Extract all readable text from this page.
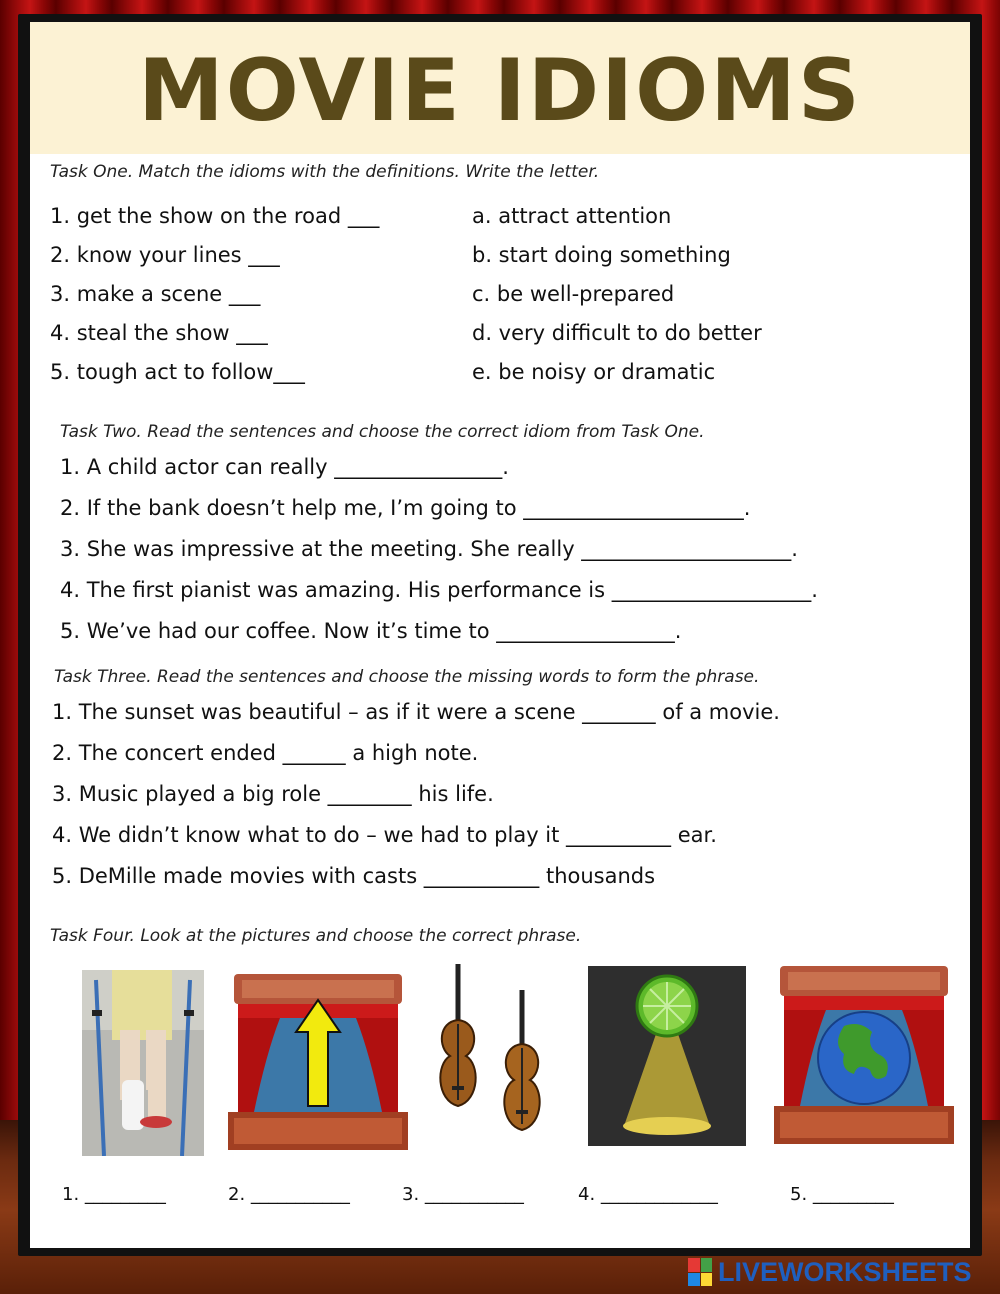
MOVIE IDIOMS
Task One. Match the idioms with the definitions. Write the letter.
1. get the show on the road ___
2. know your lines ___
3. make a scene ___
4. steal the show ___
5. tough act to follow___
a. attract attention
b. start doing something
c. be well-prepared
d. very difficult to do better
e. be noisy or dramatic
Task Two. Read the sentences and choose the correct idiom from Task One.
1. A child actor can really ________________.
2. If the bank doesn’t help me, I’m going to _____________________.
3. She was impressive at the meeting. She really ____________________.
4. The first pianist was amazing. His performance is ___________________.
5. We’ve had our coffee. Now it’s time to _________________.
Task Three. Read the sentences and choose the missing words to form the phrase.
1. The sunset was beautiful – as if it were a scene _______ of a movie.
2. The concert ended ______ a high note.
3. Music played a big role ________ his life.
4. We didn’t know what to do – we had to play it __________ ear.
5. DeMille made movies with casts ___________ thousands
Task Four. Look at the pictures and choose the correct phrase.
1. _________	2. ___________	3. ___________	4. _____________	5. _________
LIVEWORKSHEETS
